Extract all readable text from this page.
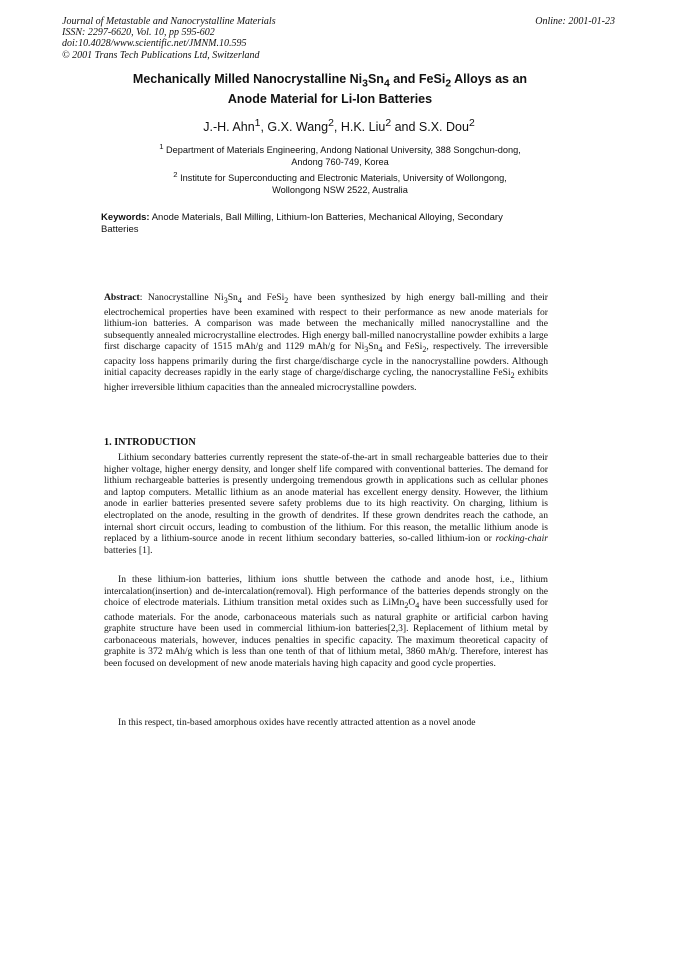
Journal of Metastable and Nanocrystalline Materials
ISSN: 2297-6620, Vol. 10, pp 595-602
doi:10.4028/www.scientific.net/JMNM.10.595
© 2001 Trans Tech Publications Ltd, Switzerland
Online: 2001-01-23
Mechanically Milled Nanocrystalline $Ni_3Sn_4$ and FeSi$_2$ Alloys as an
Anode Material for Li-Ion Batteries
J.-H. Ahn$^1$, G.X. Wang$^2$, H.K. Liu$^2$ and S.X. Dou$^2$
$^1$ Department of Materials Engineering, Andong National University, 388 Songchun-dong,
Andong 760-749, Korea
$^2$ Institute for Superconducting and Electronic Materials, University of Wollongong,
Wollongong NSW 2522, Australia
Keywords: Anode Materials, Ball Milling, Lithium-Ion Batteries, Mechanical Alloying, Secondary Batteries
Abstract: Nanocrystalline $Ni_3Sn_4$ and FeSi$_2$ have been synthesized by high energy ball-milling and their electrochemical properties have been examined with respect to their performance as new anode materials for lithium-ion batteries. A comparison was made between the mechanically milled nanocrystalline and the subsequently annealed microcrystalline electrodes. High energy ball-milled nanocrystalline powder exhibits a large first discharge capacity of 1515 mAh/g and 1129 mAh/g for $Ni_3Sn_4$ and FeSi$_2$, respectively. The irreversible capacity loss happens primarily during the first charge/discharge cycle in the nanocrystalline powders. Although initial capacity decreases rapidly in the early stage of charge/discharge cycling, the nanocrystalline FeSi$_2$ exhibits higher irreversible lithium capacities than the annealed microcrystalline powders.
1. INTRODUCTION
Lithium secondary batteries currently represent the state-of-the-art in small rechargeable batteries due to their higher voltage, higher energy density, and longer shelf life compared with conventional batteries. The demand for lithium rechargeable batteries is presently undergoing tremendous growth in applications such as cellular phones and laptop computers. Metallic lithium as an anode material has excellent energy density. However, the lithium anode in earlier batteries presented severe safety problems due to its high reactivity. On charging, lithium is electroplated on the anode, resulting in the growth of dendrites. If these grown dendrites reach the cathode, an internal short circuit occurs, leading to combustion of the lithium. For this reason, the metallic lithium anode is replaced by a lithium-source anode in recent lithium secondary batteries, so-called lithium-ion or rocking-chair batteries [1].
In these lithium-ion batteries, lithium ions shuttle between the cathode and anode host, i.e., lithium intercalation(insertion) and de-intercalation(removal). High performance of the batteries depends strongly on the choice of electrode materials. Lithium transition metal oxides such as $LiMn_2O_4$ have been successfully used for cathode materials. For the anode, carbonaceous materials such as natural graphite or artificial carbon having graphite structure have been used in commercial lithium-ion batteries[2,3]. Replacement of lithium metal by carbonaceous materials, however, induces penalties in specific capacity. The maximum theoretical capacity of graphite is 372 mAh/g which is less than one tenth of that of lithium metal, 3860 mAh/g. Therefore, interest has been focused on development of new anode materials having high capacity and good cycle properties.
In this respect, tin-based amorphous oxides have recently attracted attention as a novel anode
